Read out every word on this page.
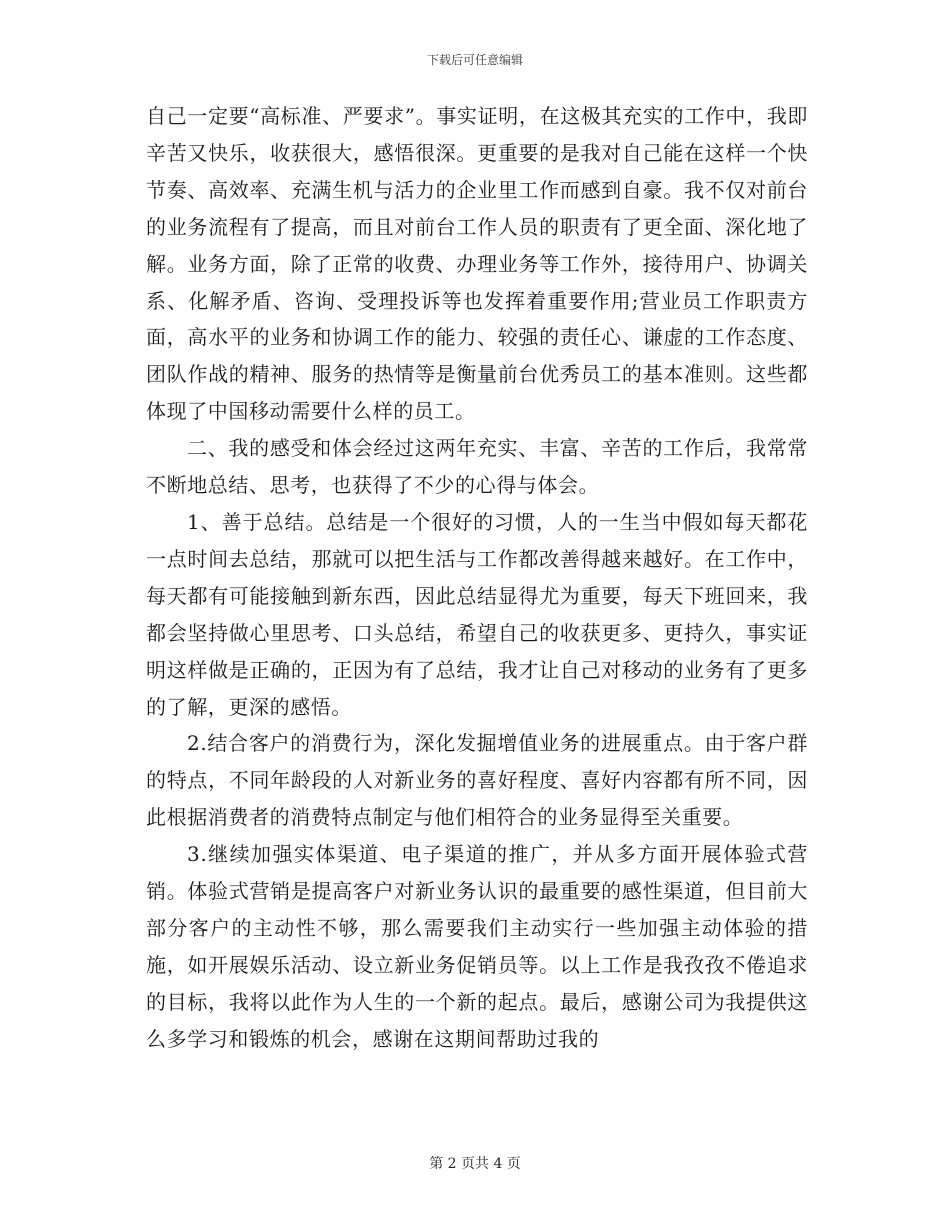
下载后可任意编辑

自己一定要“高标准、严要求”。事实证明，在这极其充实的工作中，我即辛苦又快乐，收获很大，感悟很深。更重要的是我对自己能在这样一个快节奏、高效率、充满生机与活力的企业里工作而感到自豪。我不仅对前台的业务流程有了提高，而且对前台工作人员的职责有了更全面、深化地了解。业务方面，除了正常的收费、办理业务等工作外，接待用户、协调关系、化解矛盾、咨询、受理投诉等也发挥着重要作用;营业员工作职责方面，高水平的业务和协调工作的能力、较强的责任心、谦虚的工作态度、团队作战的精神、服务的热情等是衡量前台优秀员工的基本准则。这些都体现了中国移动需要什么样的员工。

二、我的感受和体会经过这两年充实、丰富、辛苦的工作后，我常常不断地总结、思考，也获得了不少的心得与体会。

1、善于总结。总结是一个很好的习惯，人的一生当中假如每天都花一点时间去总结，那就可以把生活与工作都改善得越来越好。在工作中，每天都有可能接触到新东西，因此总结显得尤为重要，每天下班回来，我都会坚持做心里思考、口头总结，希望自己的收获更多、更持久，事实证明这样做是正确的，正因为有了总结，我才让自己对移动的业务有了更多的了解，更深的感悟。

2.结合客户的消费行为，深化发掘增值业务的进展重点。由于客户群的特点，不同年龄段的人对新业务的喜好程度、喜好内容都有所不同，因此根据消费者的消费特点制定与他们相符合的业务显得至关重要。

3.继续加强实体渠道、电子渠道的推广，并从多方面开展体验式营销。体验式营销是提高客户对新业务认识的最重要的感性渠道，但目前大部分客户的主动性不够，那么需要我们主动实行一些加强主动体验的措施，如开展娱乐活动、设立新业务促销员等。以上工作是我孜孜不倦追求的目标，我将以此作为人生的一个新的起点。最后，感谢公司为我提供这么多学习和锻炼的机会，感谢在这期间帮助过我的

第 2 页共 4 页
